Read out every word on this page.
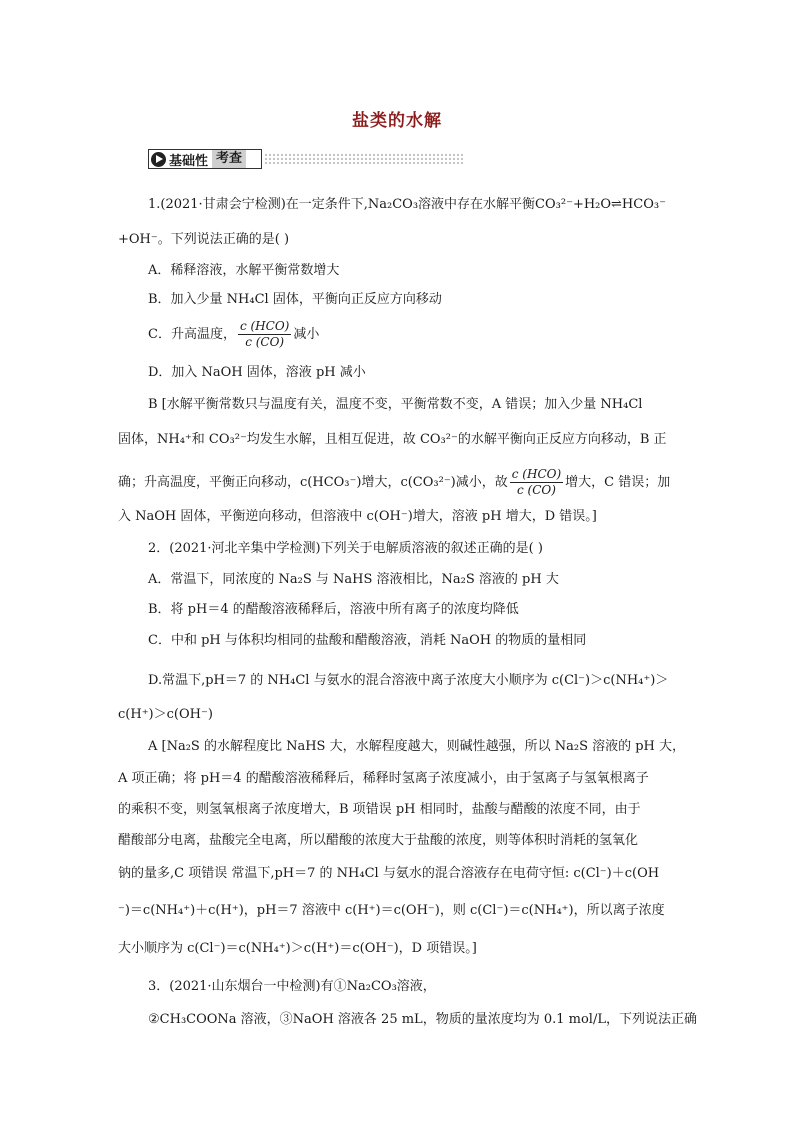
盐类的水解
基础性 考查
1.(2021·甘肃会宁检测)在一定条件下,Na₂CO₃溶液中存在水解平衡CO₃²⁻+H₂O⇌HCO₃⁻
+OH⁻。下列说法正确的是( )
A．稀释溶液，水解平衡常数增大
B．加入少量 NH₄Cl 固体，平衡向正反应方向移动
C．升高温度， $\frac{\text{c (HCO)}}{c (CO)}$ 减小
D．加入 NaOH 固体，溶液 pH 减小
B [水解平衡常数只与温度有关，温度不变，平衡常数不变，A 错误；加入少量 NH₄Cl
固体，NH₄⁺和 CO₃²⁻均发生水解，且相互促进，故 CO₃²⁻的水解平衡向正反应方向移动，B 正
确；升高温度，平衡正向移动，c(HCO₃⁻)增大，c(CO₃²⁻)减小，故 $\frac{\text{c (HCO)}}{c (CO)}$ 增大，C 错误；加
入 NaOH 固体，平衡逆向移动，但溶液中 c(OH⁻)增大，溶液 pH 增大，D 错误。]
2．(2021·河北辛集中学检测)下列关于电解质溶液的叙述正确的是( )
A．常温下，同浓度的 Na₂S 与 NaHS 溶液相比，Na₂S 溶液的 pH 大
B．将 pH＝4 的醋酸溶液稀释后，溶液中所有离子的浓度均降低
C．中和 pH 与体积均相同的盐酸和醋酸溶液，消耗 NaOH 的物质的量相同
D.常温下,pH＝7 的 NH₄Cl 与氨水的混合溶液中离子浓度大小顺序为 c(Cl⁻)＞c(NH₄⁺)＞
c(H⁺)＞c(OH⁻)
A [Na₂S 的水解程度比 NaHS 大，水解程度越大，则碱性越强，所以 Na₂S 溶液的 pH 大，
A 项正确；将 pH＝4 的醋酸溶液稀释后，稀释时氢离子浓度减小，由于氢离子与氢氧根离子
的乘积不变，则氢氧根离子浓度增大，B 项错误 pH 相同时，盐酸与醋酸的浓度不同，由于
醋酸部分电离，盐酸完全电离，所以醋酸的浓度大于盐酸的浓度，则等体积时消耗的氢氧化
钠的量多,C 项错误 常温下,pH＝7 的 NH₄Cl 与氨水的混合溶液存在电荷守恒: c(Cl⁻)＋c(OH
⁻)＝c(NH₄⁺)＋c(H⁺)，pH＝7 溶液中 c(H⁺)＝c(OH⁻)，则 c(Cl⁻)＝c(NH₄⁺)，所以离子浓度
大小顺序为 c(Cl⁻)＝c(NH₄⁺)＞c(H⁺)＝c(OH⁻)，D 项错误。]
3．(2021·山东烟台一中检测)有①Na₂CO₃溶液，
②CH₃COONa 溶液，③NaOH 溶液各 25 mL，物质的量浓度均为 0.1 mol/L，下列说法正确
